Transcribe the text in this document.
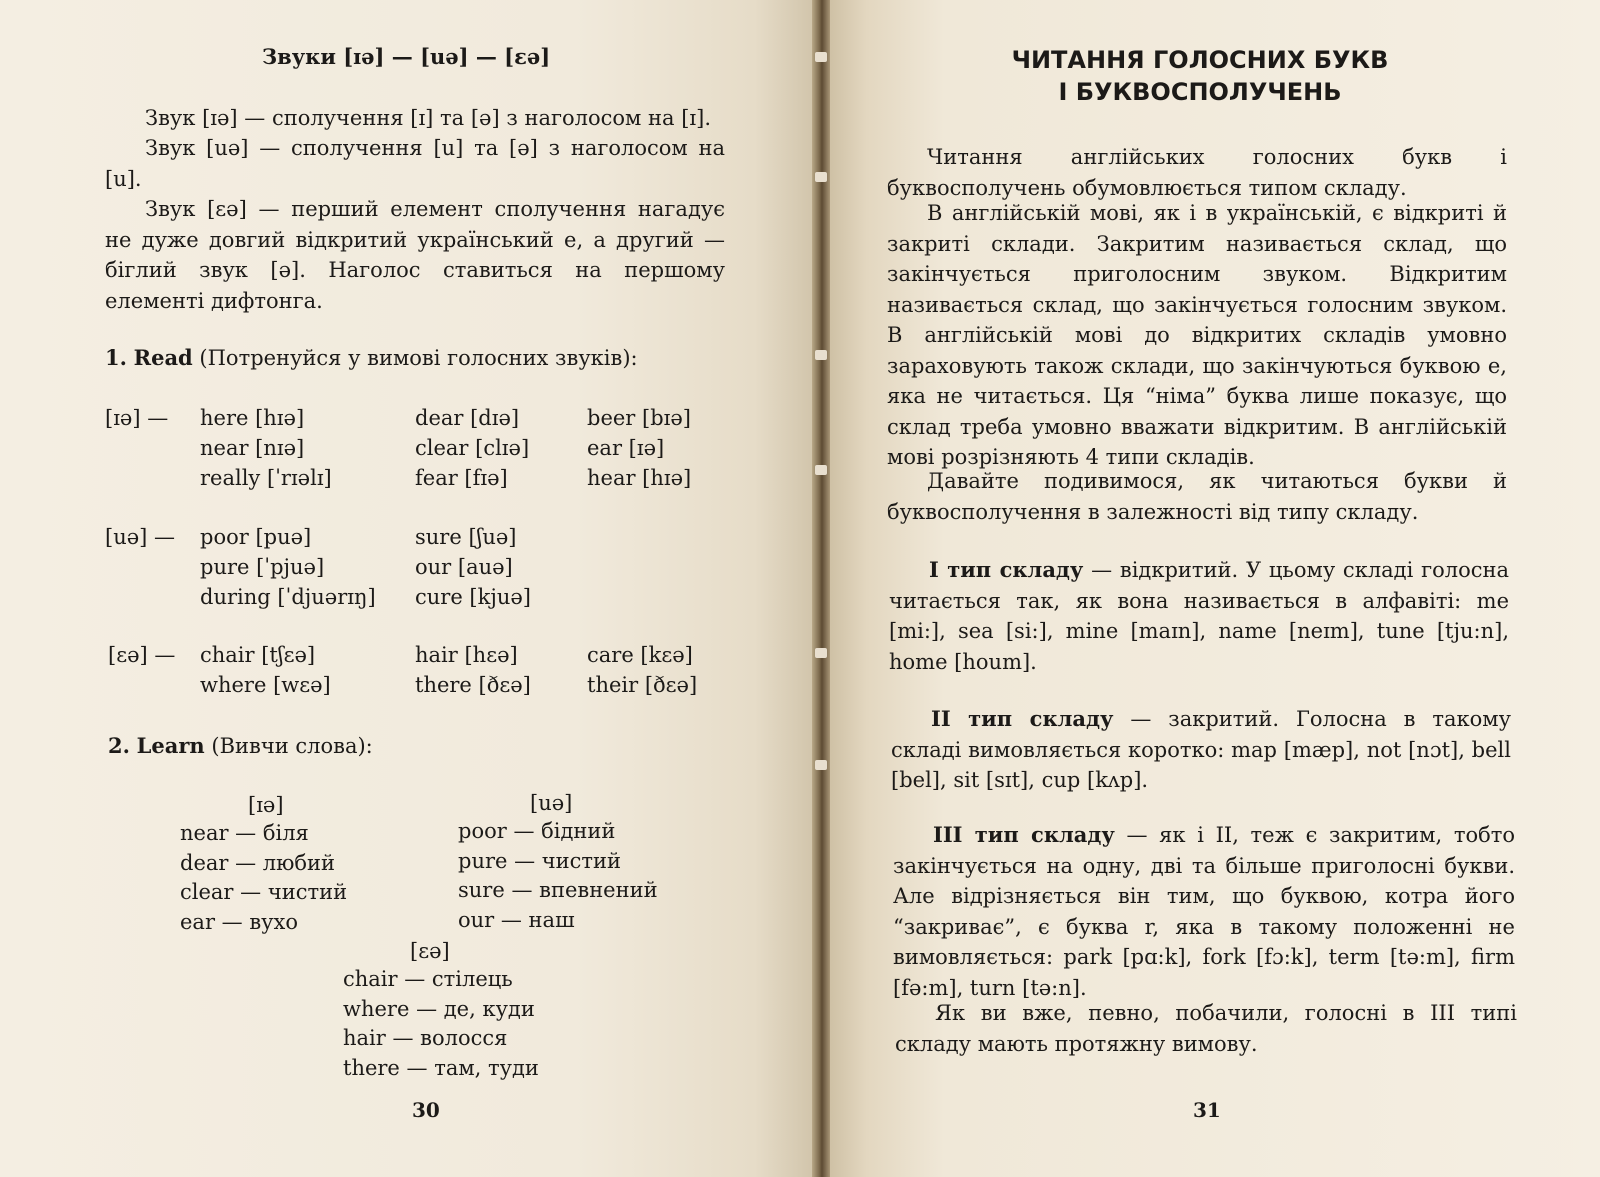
Звуки [ɪə] — [uə] — [ɛə]
Звук [ɪə] — сполучення [ɪ] та [ə] з наголосом на [ɪ].
Звук [uə] — сполучення [u] та [ə] з наголосом на [u].
Звук [ɛə] — перший елемент сполучення нагадує не дуже довгий відкритий український е, а другий — біглий звук [ə]. Наголос ставиться на першому елементі дифтонга.
1. Read (Потренуйся у вимові голосних звуків):
[ɪə] — here [hɪə]	dear [dɪə]	beer [bɪə]
near [nɪə]	clear [clɪə]	ear [ɪə]
really [ˈrɪəlɪ]	fear [fɪə]	hear [hɪə]
[uə] — poor [puə]	sure [ʃuə]
pure [ˈpjuə]	our [auə]
during [ˈdjuərɪŋ] cure [kjuə]
[ɛə] — chair [tʃɛə]	hair [hɛə]	care [kɛə]
where [wɛə]	there [ðɛə]	their [ðɛə]
2. Learn (Вивчи слова):
[ɪə]	[uə]
[ɛə]
near — біля
dear — любий
clear — чистий
ear — вухо
poor — бідний
pure — чистий
sure — впевнений
our — наш
chair — стілець
where — де, куди
hair — волосся
there — там, туди
30
ЧИТАННЯ ГОЛОСНИХ БУКВ
І БУКВОСПОЛУЧЕНЬ
Читання англійських голосних букв і буквосполучень обумовлюється типом складу.
В англійській мові, як і в українській, є відкриті й закриті склади. Закритим називається склад, що закінчується приголосним звуком. Відкритим називається склад, що закінчується голосним звуком. В англійській мові до відкритих складів умовно зараховують також склади, що закінчуються буквою е, яка не читається. Ця “німа” буква лише показує, що склад треба умовно вважати відкритим. В англійській мові розрізняють 4 типи складів.
Давайте подивимося, як читаються букви й буквосполучення в залежності від типу складу.
І тип складу — відкритий. У цьому складі голосна читається так, як вона називається в алфавіті: me [mi:], sea [si:], mine [maɪn], name [neɪm], tune [tju:n], home [houm].
II тип складу — закритий. Голосна в такому складі вимовляється коротко: map [mæp], not [nɔt], bell [bel], sit [sɪt], cup [kʌp].
III тип складу — як і II, теж є закритим, тобто закінчується на одну, дві та більше приголосні букви. Але відрізняється він тим, що буквою, котра його “закриває”, є буква r, яка в такому положенні не вимовляється: park [pɑ:k], fork [fɔ:k], term [tə:m], firm [fə:m], turn [tə:n].
Як ви вже, певно, побачили, голосні в III типі складу мають протяжну вимову.
31
